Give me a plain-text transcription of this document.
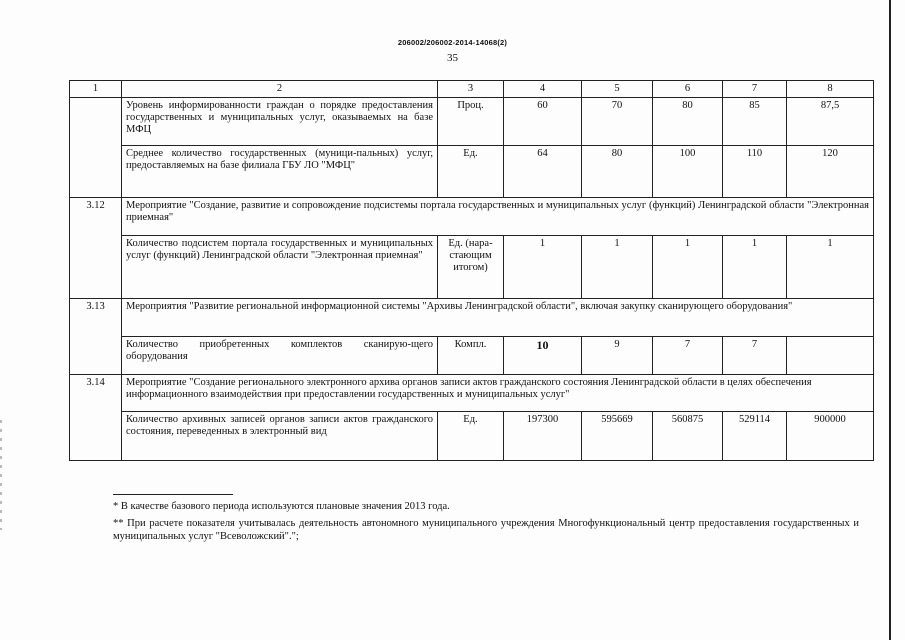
206002/206002-2014-14068(2)
35
1	2	3	4	5	6	7	8
	Уровень информированности граждан о порядке предоставления государственных и муниципальных услуг, оказываемых на базе МФЦ	Проц.	60	70	80	85	87,5
	Среднее количество государственных (муници-пальных) услуг, предоставляемых на базе филиала ГБУ ЛО "МФЦ"	Ед.	64	80	100	110	120
3.12	Мероприятие "Создание, развитие и сопровождение подсистемы портала государственных и муниципальных услуг (функций) Ленинградской области "Электронная приемная"						
	Количество подсистем портала государственных и муниципальных услуг (функций) Ленинградской области "Электронная приемная"	Ед. (нара-стающим итогом)	1	1	1	1	1
3.13	Мероприятия "Развитие региональной информационной системы "Архивы Ленинградской области", включая закупку сканирующего оборудования"						
	Количество приобретенных комплектов сканирую-щего оборудования	Компл.	10	9	7	7	
3.14	Мероприятие "Создание регионального электронного архива органов записи актов гражданского состояния Ленинградской области в целях обеспечения информационного взаимодействия при предоставлении государственных и муниципальных услуг"						
	Количество архивных записей органов записи актов гражданского состояния, переведенных в электронный вид	Ед.	197300	595669	560875	529114	900000
* В качестве базового периода используются плановые значения 2013 года.
** При расчете показателя учитывалась деятельность автономного муниципального учреждения Многофункциональный центр предоставления государственных и муниципальных услуг "Всеволожский".";
